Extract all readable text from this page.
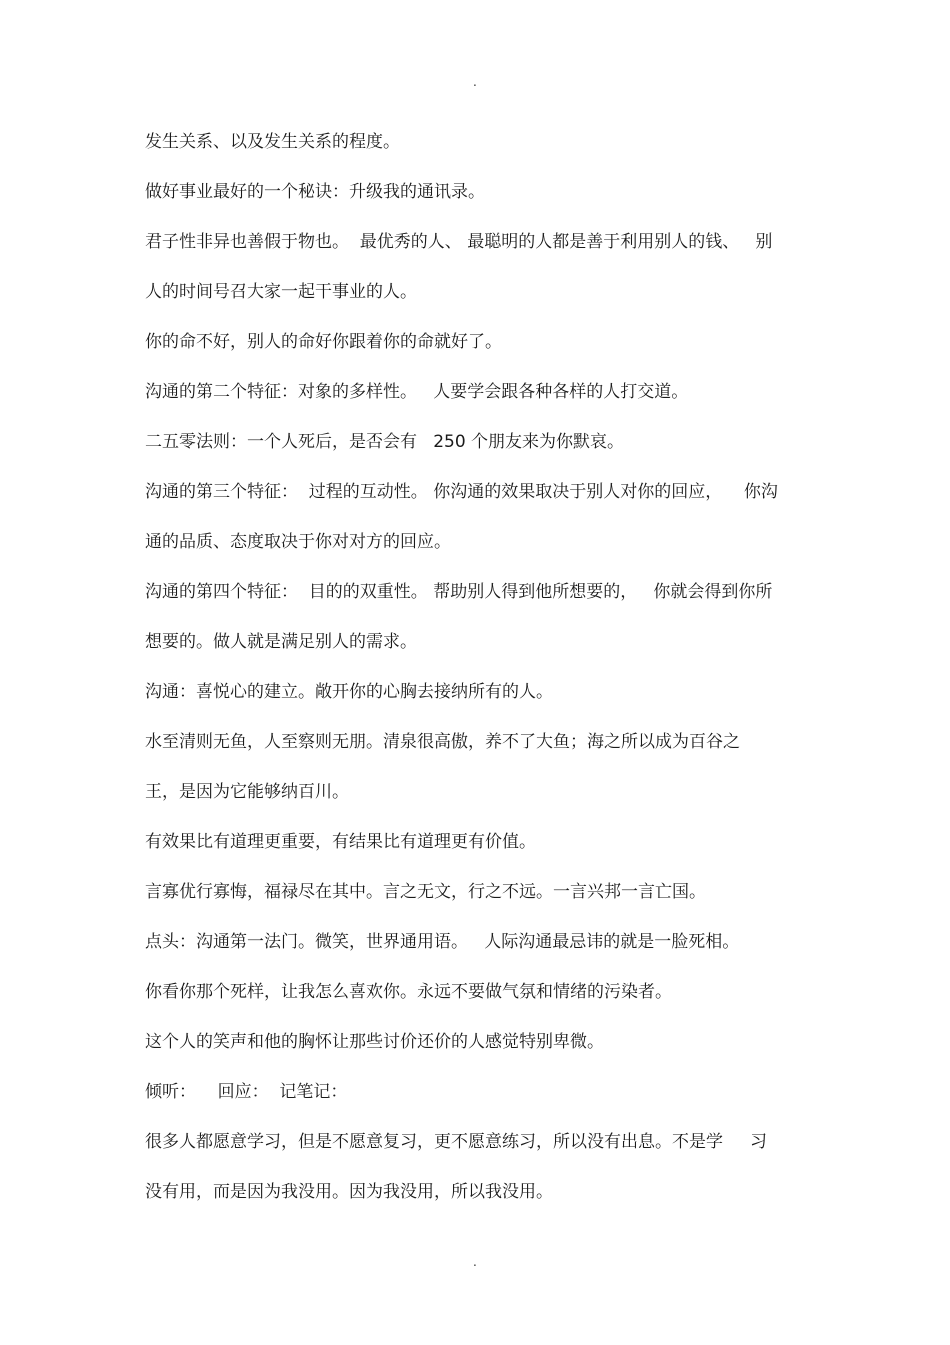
.
发生关系、以及发生关系的程度。
做好事业最好的一个秘诀：升级我的通讯录。
君子性非异也善假于物也。  最优秀的人、 最聪明的人都是善于利用别人的钱、   别
人的时间号召大家一起干事业的人。
你的命不好，别人的命好你跟着你的命就好了。
沟通的第二个特征：对象的多样性。   人要学会跟各种各样的人打交道。
二五零法则：一个人死后，是否会有   250 个朋友来为你默哀。
沟通的第三个特征：  过程的互动性。 你沟通的效果取决于别人对你的回应，    你沟
通的品质、态度取决于你对对方的回应。
沟通的第四个特征：  目的的双重性。 帮助别人得到他所想要的，   你就会得到你所
想要的。做人就是满足别人的需求。
沟通：喜悦心的建立。敞开你的心胸去接纳所有的人。
水至清则无鱼，人至察则无朋。清泉很高傲，养不了大鱼；海之所以成为百谷之
王，是因为它能够纳百川。
有效果比有道理更重要，有结果比有道理更有价值。
言寡优行寡悔，福禄尽在其中。言之无文，行之不远。一言兴邦一言亡国。
点头：沟通第一法门。微笑，世界通用语。   人际沟通最忌讳的就是一脸死相。
你看你那个死样，让我怎么喜欢你。永远不要做气氛和情绪的污染者。
这个人的笑声和他的胸怀让那些讨价还价的人感觉特别卑微。
倾听：    回应：  记笔记：
很多人都愿意学习，但是不愿意复习，更不愿意练习，所以没有出息。不是学     习
没有用，而是因为我没用。因为我没用，所以我没用。
.
